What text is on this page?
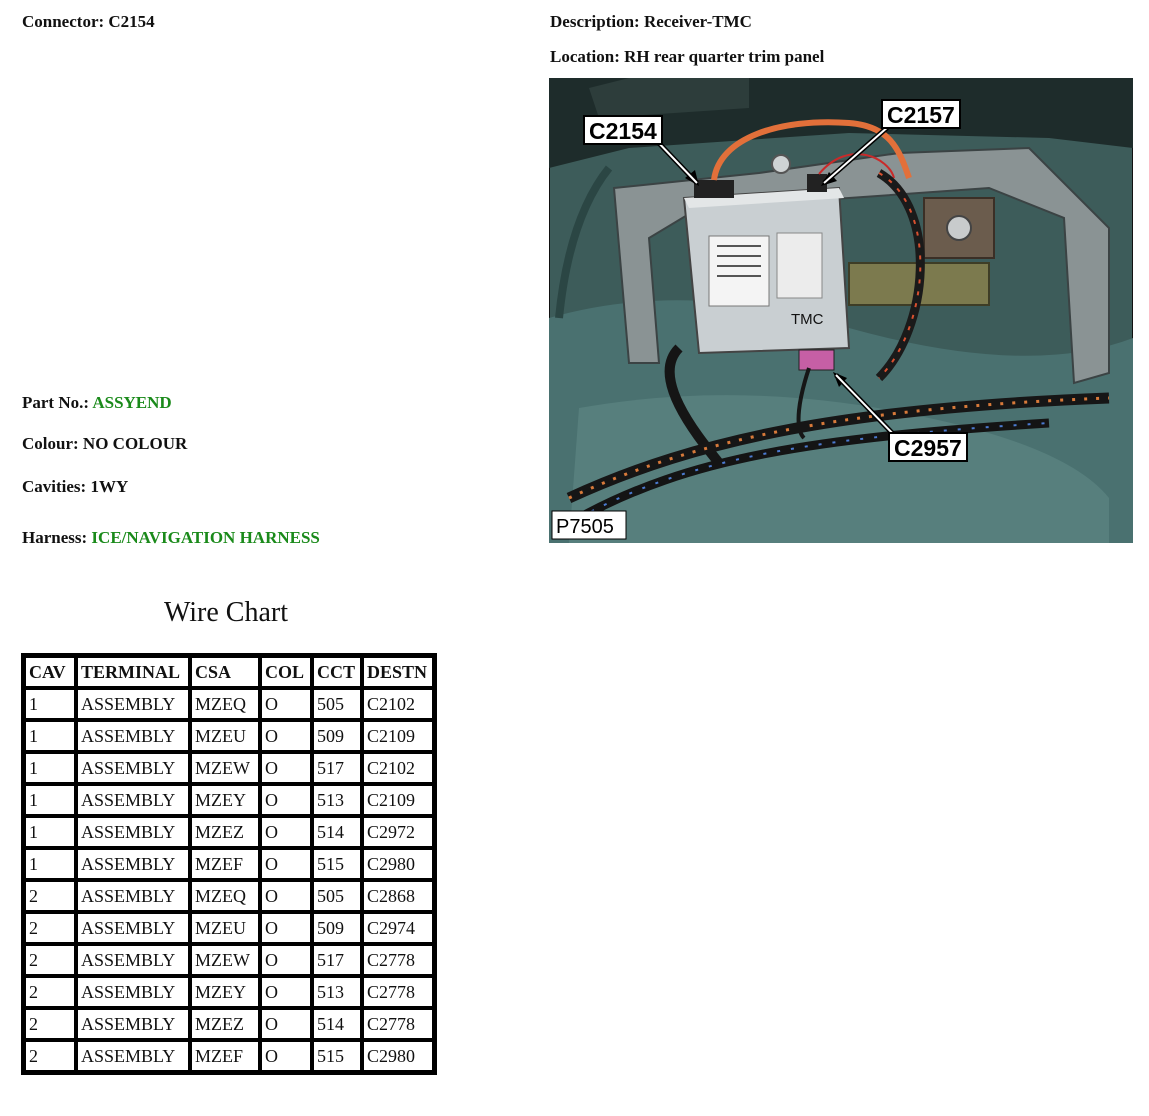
Connector: C2154	Description: Receiver-TMC
Location: RH rear quarter trim panel
Part No.: ASSYEND
Colour: NO COLOUR
Cavities: 1WY
Harness: ICE/NAVIGATION HARNESS
TMC
C2154
C2157
C2957
P7505
Wire Chart
CAV	TERMINAL	CSA	COL	CCT	DESTN
1	ASSEMBLY	MZEQ	O	505	C2102
1	ASSEMBLY	MZEU	O	509	C2109
1	ASSEMBLY	MZEW	O	517	C2102
1	ASSEMBLY	MZEY	O	513	C2109
1	ASSEMBLY	MZEZ	O	514	C2972
1	ASSEMBLY	MZEF	O	515	C2980
2	ASSEMBLY	MZEQ	O	505	C2868
2	ASSEMBLY	MZEU	O	509	C2974
2	ASSEMBLY	MZEW	O	517	C2778
2	ASSEMBLY	MZEY	O	513	C2778
2	ASSEMBLY	MZEZ	O	514	C2778
2	ASSEMBLY	MZEF	O	515	C2980
